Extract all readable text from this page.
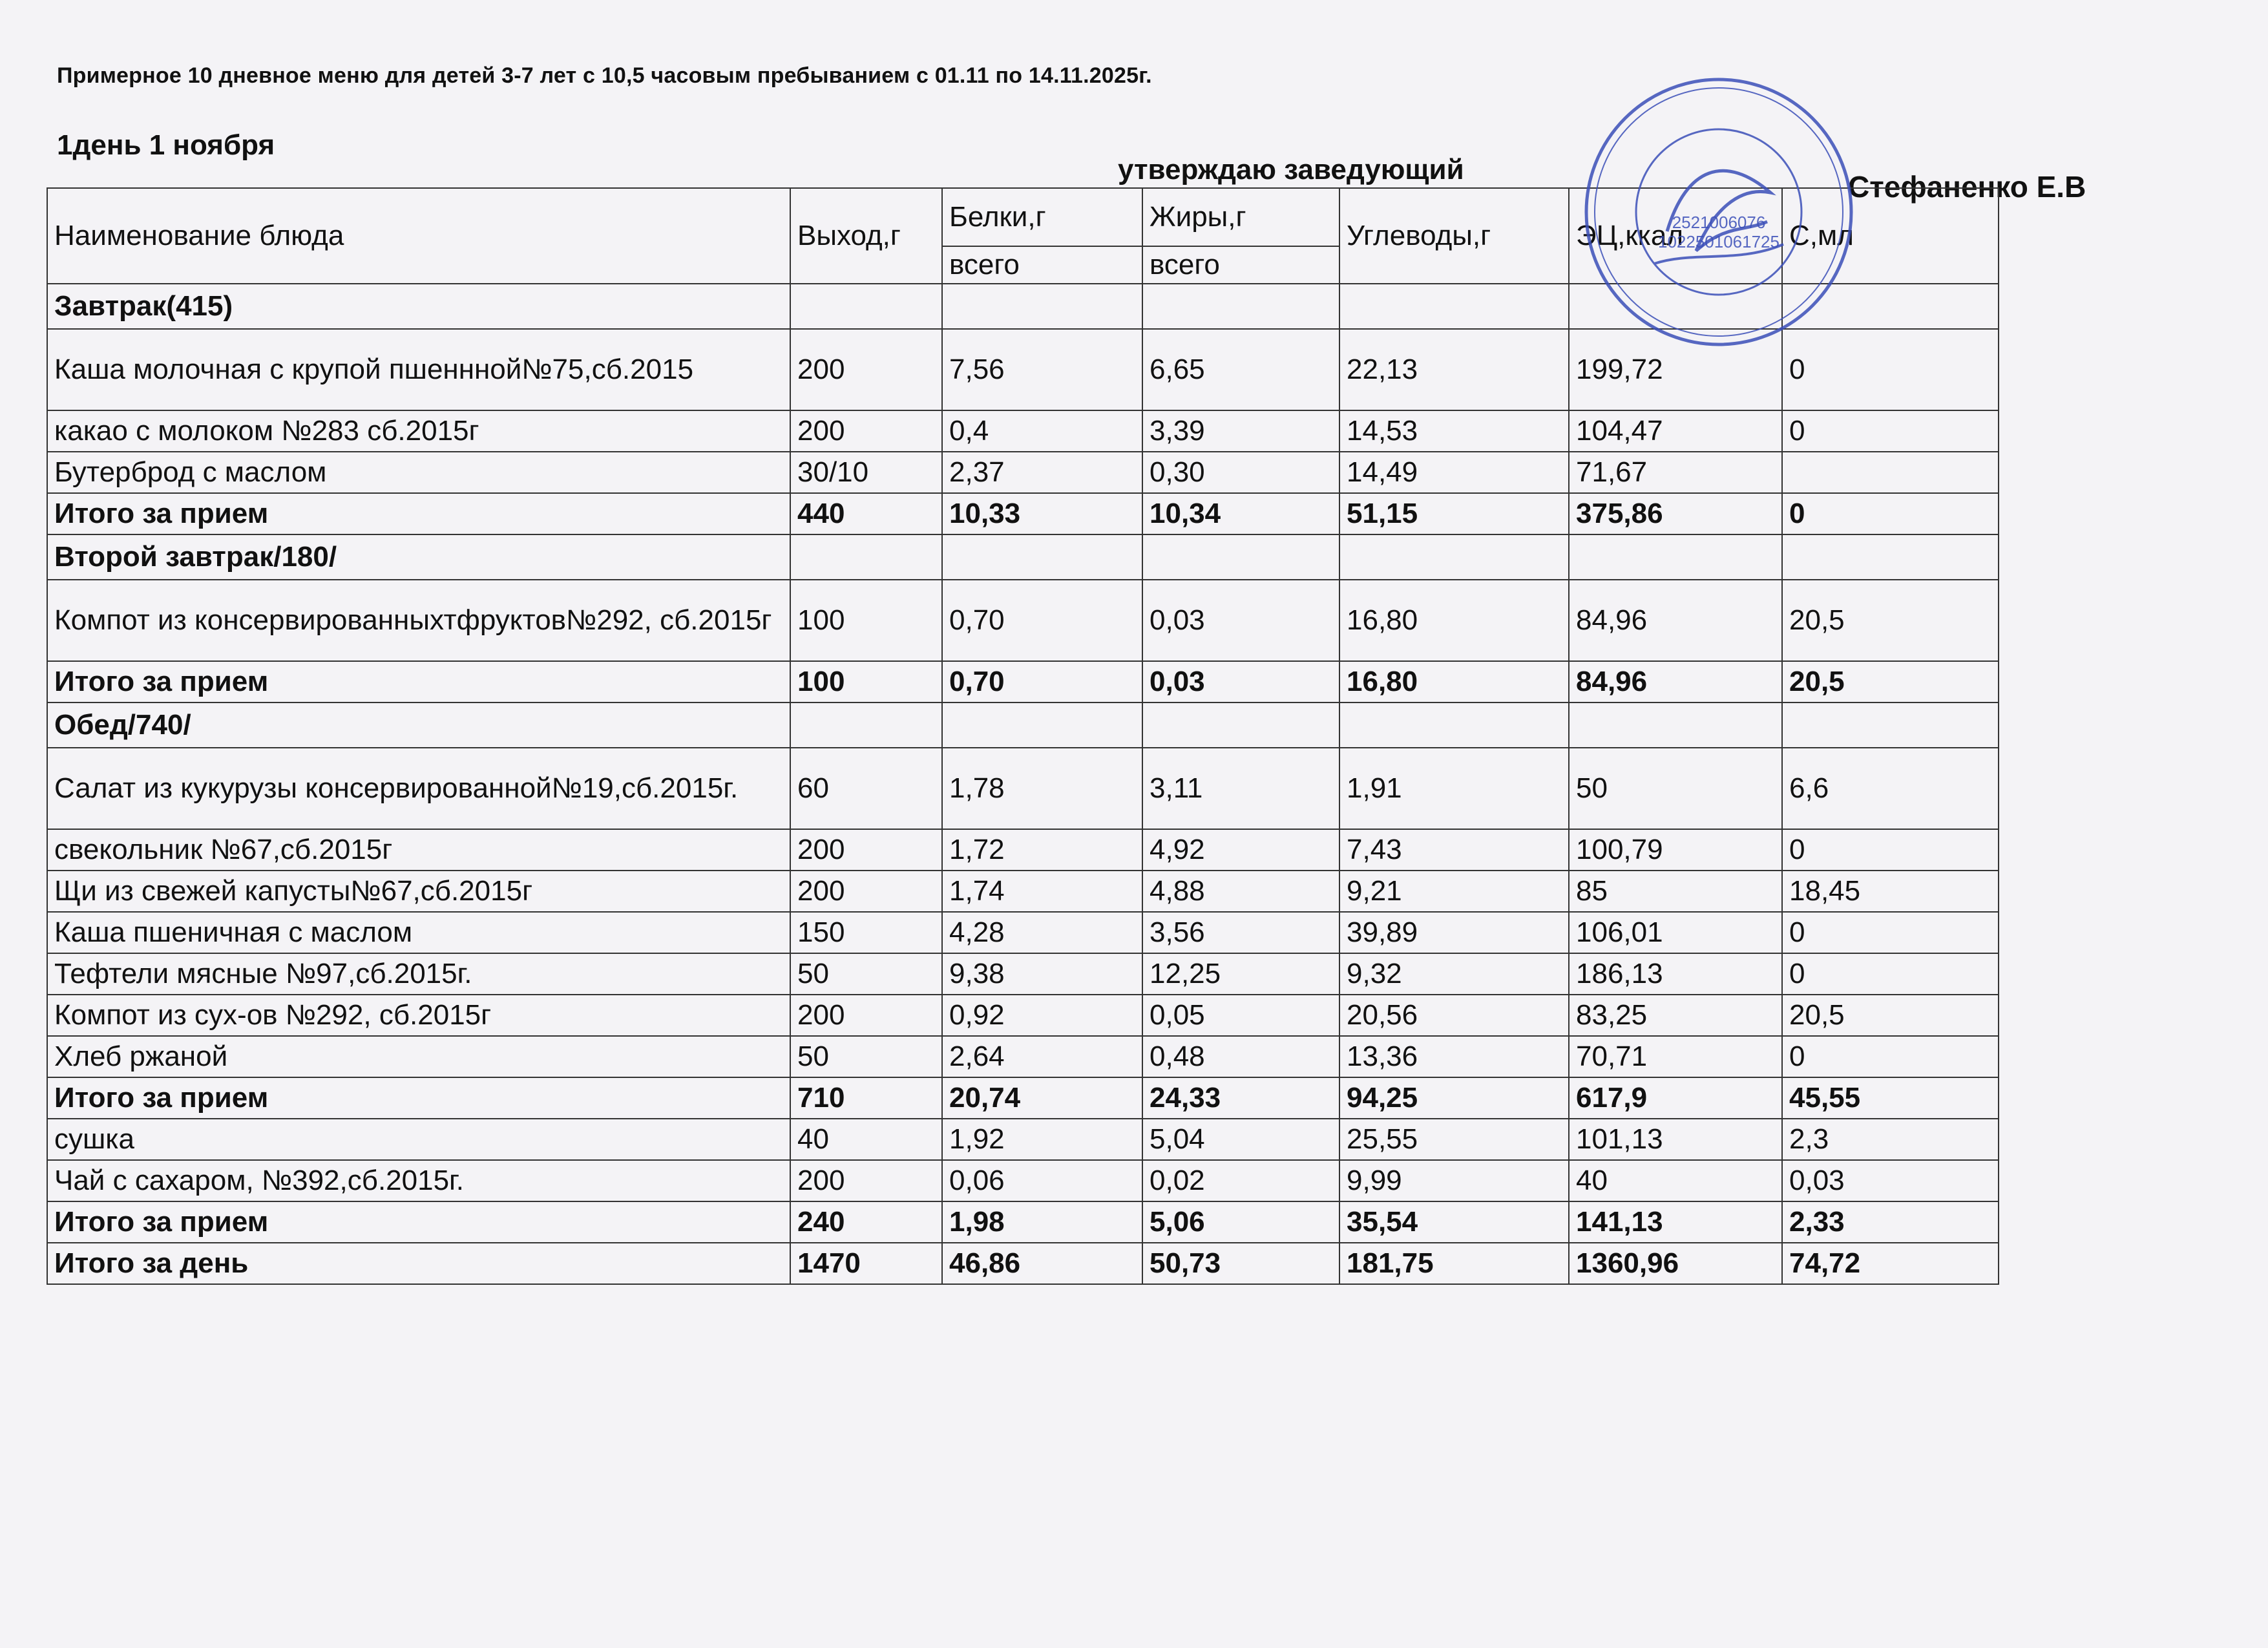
Примерное 10 дневное меню для детей 3-7 лет с 10,5 часовым пребыванием с 01.11 по 14.11.2025г.
1день 1 ноября
утверждаю заведующий
Стефаненко Е.В
Наименование блюда	Выход,г	Белки,г	Жиры,г	Углеводы,г	ЭЦ,ккал	С,мл
		всего	всего			
Завтрак(415)						
Каша молочная с крупой пшеннной№75,сб.2015	200	7,56	6,65	22,13	199,72	0
какао с молоком №283 сб.2015г	200	0,4	3,39	14,53	104,47	0
Бутерброд с маслом	30/10	2,37	0,30	14,49	71,67	
Итого за прием	440	10,33	10,34	51,15	375,86	0
Второй завтрак/180/						
Компот из консервированныхтфруктов№292, сб.2015г	100	0,70	0,03	16,80	84,96	20,5
Итого за прием	100	0,70	0,03	16,80	84,96	20,5
Обед/740/						
Салат из кукурузы консервированной№19,сб.2015г.	60	1,78	3,11	1,91	50	6,6
свекольник №67,сб.2015г	200	1,72	4,92	7,43	100,79	0
Щи из свежей капусты№67,сб.2015г	200	1,74	4,88	9,21	85	18,45
Каша пшеничная с маслом	150	4,28	3,56	39,89	106,01	0
Тефтели мясные №97,сб.2015г.	50	9,38	12,25	9,32	186,13	0
Компот из сух-ов №292, сб.2015г	200	0,92	0,05	20,56	83,25	20,5
Хлеб ржаной	50	2,64	0,48	13,36	70,71	0
Итого за прием	710	20,74	24,33	94,25	617,9	45,55
сушка	40	1,92	5,04	25,55	101,13	2,3
Чай с сахаром, №392,сб.2015г.	200	0,06	0,02	9,99	40	0,03
Итого за прием	240	1,98	5,06	35,54	141,13	2,33
Итого за день	1470	46,86	50,73	181,75	1360,96	74,72
2521006076
1022501061725
